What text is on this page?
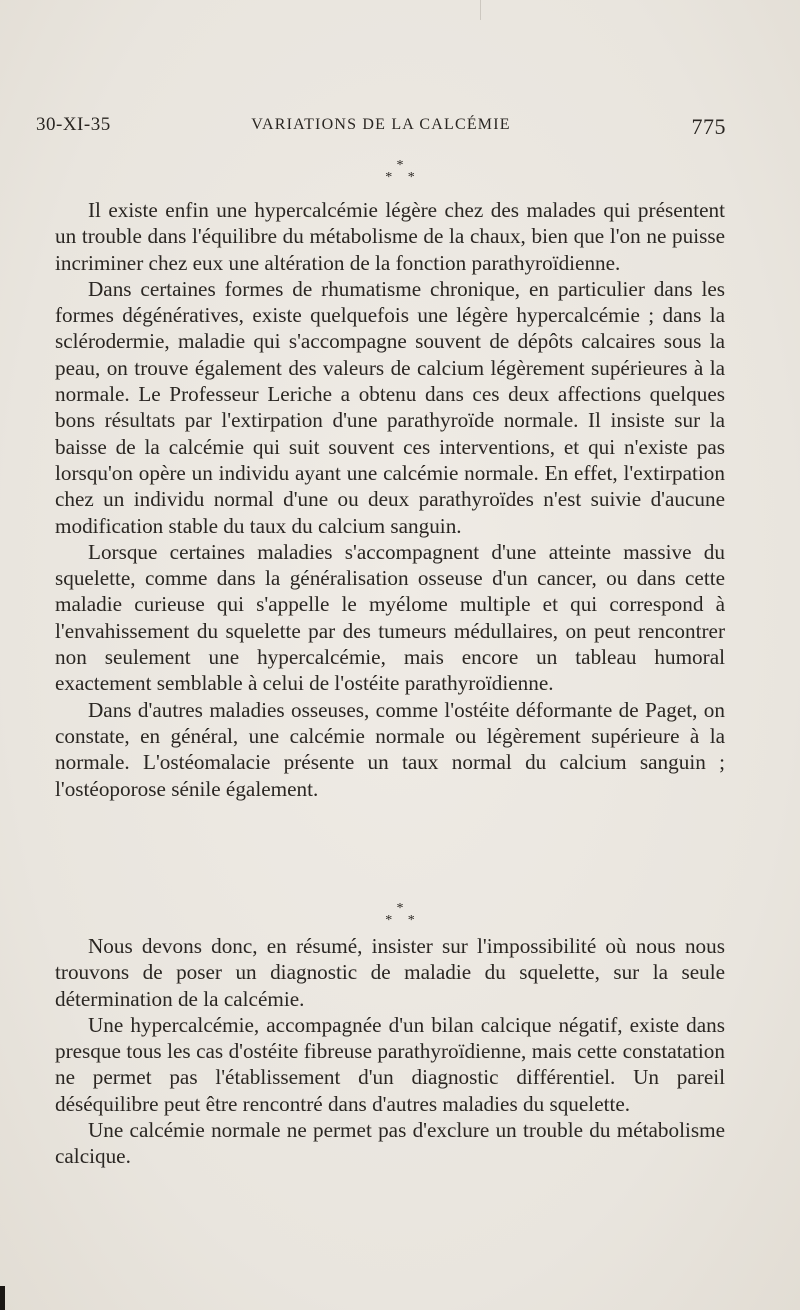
30-XI-35	VARIATIONS DE LA CALCÉMIE	775
*
* *

Il existe enfin une hypercalcémie légère chez des malades qui présentent un trouble dans l'équilibre du métabolisme de la chaux, bien que l'on ne puisse incriminer chez eux une altération de la fonction parathyroïdienne.

Dans certaines formes de rhumatisme chronique, en particulier dans les formes dégénératives, existe quelquefois une légère hypercalcémie ; dans la sclérodermie, maladie qui s'accompagne souvent de dépôts calcaires sous la peau, on trouve également des valeurs de calcium légèrement supérieures à la normale. Le Professeur Leriche a obtenu dans ces deux affections quelques bons résultats par l'extirpation d'une parathyroïde normale. Il insiste sur la baisse de la calcémie qui suit souvent ces interventions, et qui n'existe pas lorsqu'on opère un individu ayant une calcémie normale. En effet, l'extirpation chez un individu normal d'une ou deux parathyroïdes n'est suivie d'aucune modification stable du taux du calcium sanguin.

Lorsque certaines maladies s'accompagnent d'une atteinte massive du squelette, comme dans la généralisation osseuse d'un cancer, ou dans cette maladie curieuse qui s'appelle le myélome multiple et qui correspond à l'envahissement du squelette par des tumeurs médullaires, on peut rencontrer non seulement une hypercalcémie, mais encore un tableau humoral exactement semblable à celui de l'ostéite parathyroïdienne.

Dans d'autres maladies osseuses, comme l'ostéite déformante de Paget, on constate, en général, une calcémie normale ou légèrement supérieure à la normale. L'ostéomalacie présente un taux normal du calcium sanguin ; l'ostéoporose sénile également.

*
* *

Nous devons donc, en résumé, insister sur l'impossibilité où nous nous trouvons de poser un diagnostic de maladie du squelette, sur la seule détermination de la calcémie.

Une hypercalcémie, accompagnée d'un bilan calcique négatif, existe dans presque tous les cas d'ostéite fibreuse parathyroïdienne, mais cette constatation ne permet pas l'établissement d'un diagnostic différentiel. Un pareil déséquilibre peut être rencontré dans d'autres maladies du squelette.

Une calcémie normale ne permet pas d'exclure un trouble du métabolisme calcique.
